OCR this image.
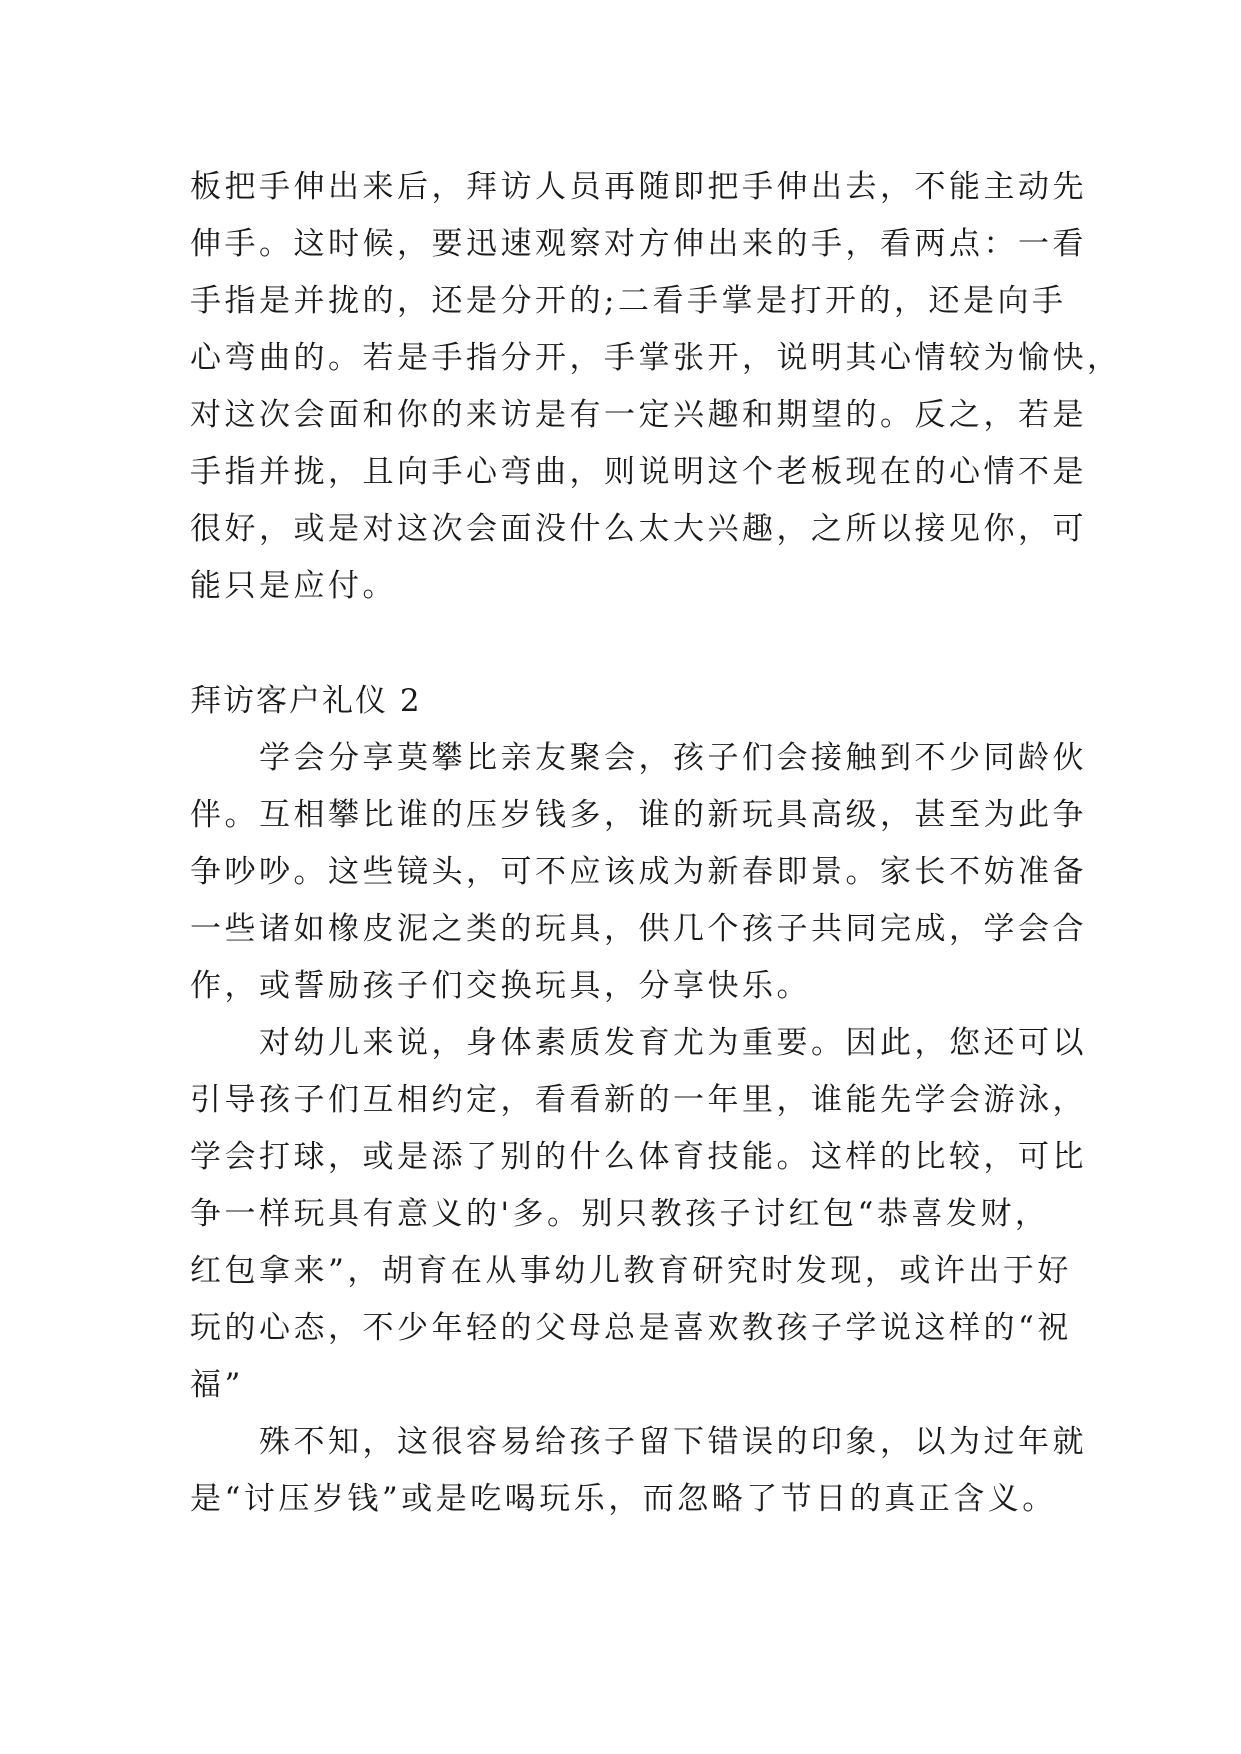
板把手伸出来后，拜访人员再随即把手伸出去，不能主动先
伸手。这时候，要迅速观察对方伸出来的手，看两点：一看
手指是并拢的，还是分开的;二看手掌是打开的，还是向手
心弯曲的。若是手指分开，手掌张开，说明其心情较为愉快，
对这次会面和你的来访是有一定兴趣和期望的。反之，若是
手指并拢，且向手心弯曲，则说明这个老板现在的心情不是
很好，或是对这次会面没什么太大兴趣，之所以接见你，可
能只是应付。
拜访客户礼仪 2
　　学会分享莫攀比亲友聚会，孩子们会接触到不少同龄伙
伴。互相攀比谁的压岁钱多，谁的新玩具高级，甚至为此争
争吵吵。这些镜头，可不应该成为新春即景。家长不妨准备
一些诸如橡皮泥之类的玩具，供几个孩子共同完成，学会合
作，或誓励孩子们交换玩具，分享快乐。
　　对幼儿来说，身体素质发育尤为重要。因此，您还可以
引导孩子们互相约定，看看新的一年里，谁能先学会游泳，
学会打球，或是添了别的什么体育技能。这样的比较，可比
争一样玩具有意义的'多。别只教孩子讨红包“恭喜发财，
红包拿来”，胡育在从事幼儿教育研究时发现，或许出于好
玩的心态，不少年轻的父母总是喜欢教孩子学说这样的“祝
福”
　　殊不知，这很容易给孩子留下错误的印象，以为过年就
是“讨压岁钱”或是吃喝玩乐，而忽略了节日的真正含义。
